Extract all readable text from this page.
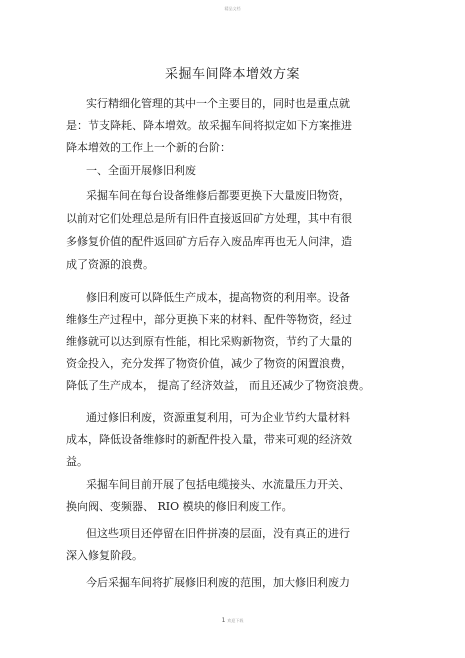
精品文档
采掘车间降本增效方案
实行精细化管理的其中一个主要目的，同时也是重点就
是：节支降耗、降本增效。故采掘车间将拟定如下方案推进
降本增效的工作上一个新的台阶：
一、全面开展修旧利废
采掘车间在每台设备维修后都要更换下大量废旧物资，
以前对它们处理总是所有旧件直接返回矿方处理，其中有很
多修复价值的配件返回矿方后存入废品库再也无人问津，造
成了资源的浪费。
修旧利废可以降低生产成本，提高物资的利用率。设备
维修生产过程中，部分更换下来的材料、配件等物资，经过
维修就可以达到原有性能，相比采购新物资，节约了大量的
资金投入，充分发挥了物资价值，减少了物资的闲置浪费，
降低了生产成本， 提高了经济效益， 而且还减少了物资浪费。
通过修旧利废，资源重复利用，可为企业节约大量材料
成本，降低设备维修时的新配件投入量，带来可观的经济效
益。
采掘车间目前开展了包括电缆接头、水流量压力开关、
换向阀、变频器、 RIO 模块的修旧利废工作。
但这些项目还停留在旧件拼凑的层面，没有真正的进行
深入修复阶段。
今后采掘车间将扩展修旧利废的范围，加大修旧利废力
1 欢迎下载
